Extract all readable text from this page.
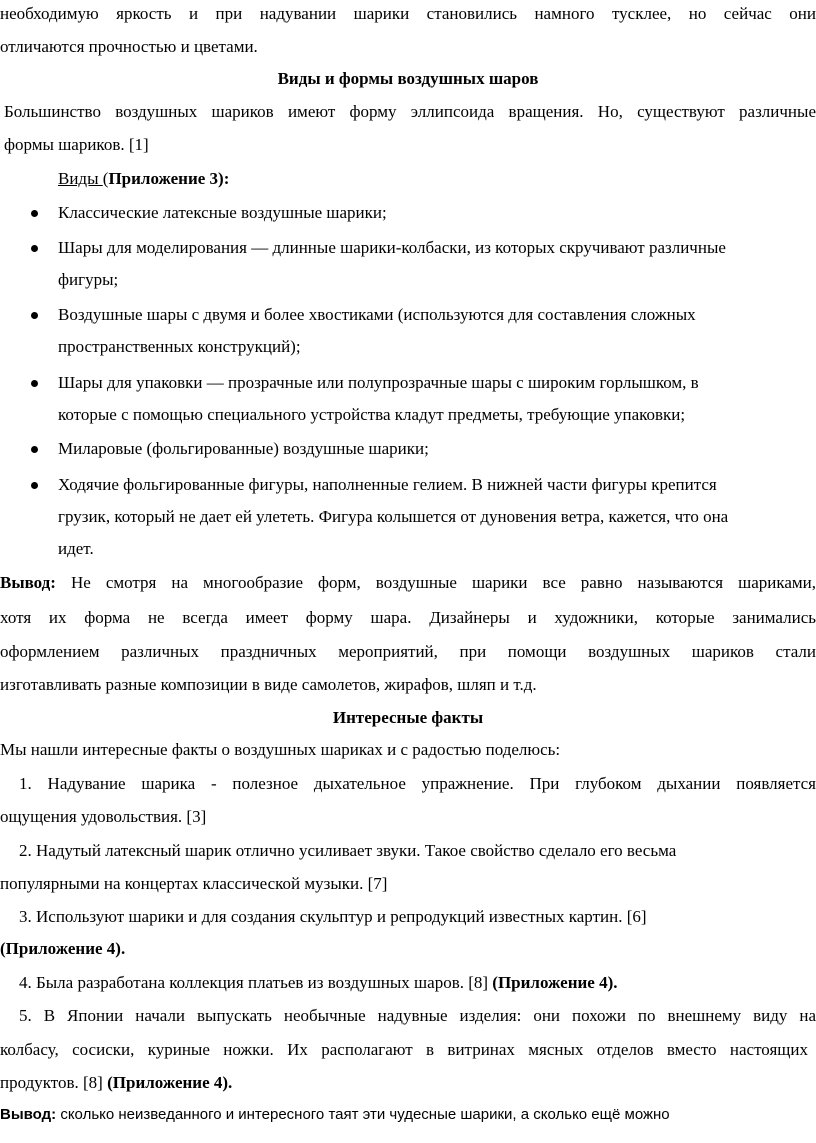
необходимую яркость и при надувании шарики становились намного тусклее, но сейчас они
отличаются прочностью и цветами.
Виды и формы воздушных шаров
Большинство воздушных шариков имеют форму эллипсоида вращения. Но, существуют различные
формы шариков. [1]
Виды (Приложение 3):
Классические латексные воздушные шарики;
Шары для моделирования — длинные шарики-колбаски, из которых скручивают различные
фигуры;
Воздушные шары с двумя и более хвостиками (используются для составления сложных
пространственных конструкций);
Шары для упаковки — прозрачные или полупрозрачные шары с широким горлышком, в
которые с помощью специального устройства кладут предметы, требующие упаковки;
Миларовые (фольгированные) воздушные шарики;
Ходячие фольгированные фигуры, наполненные гелием. В нижней части фигуры крепится
грузик, который не дает ей улететь. Фигура колышется от дуновения ветра, кажется, что она
идет.
Вывод: Не смотря на многообразие форм, воздушные шарики все равно называются шариками,
хотя их форма не всегда имеет форму шара. Дизайнеры и художники, которые занимались
оформлением различных праздничных мероприятий, при помощи воздушных шариков стали
изготавливать разные композиции в виде самолетов, жирафов, шляп и т.д.
Интересные факты
Мы нашли интересные факты о воздушных шариках и с радостью поделюсь:
1. Надувание шарика - полезное дыхательное упражнение. При глубоком дыхании появляется
ощущения удовольствия. [3]
2. Надутый латексный шарик отлично усиливает звуки. Такое свойство сделало его весьма
популярными на концертах классической музыки. [7]
3. Используют шарики и для создания скульптур и репродукций известных картин. [6]
(Приложение 4).
4. Была разработана коллекция платьев из воздушных шаров. [8] (Приложение 4).
5. В Японии начали выпускать необычные надувные изделия: они похожи по внешнему виду на
колбасу, сосиски, куриные ножки. Их располагают в витринах мясных отделов вместо настоящих
продуктов. [8] (Приложение 4).
Вывод: сколько неизведанного и интересного таят эти чудесные шарики, а сколько ещё можно
